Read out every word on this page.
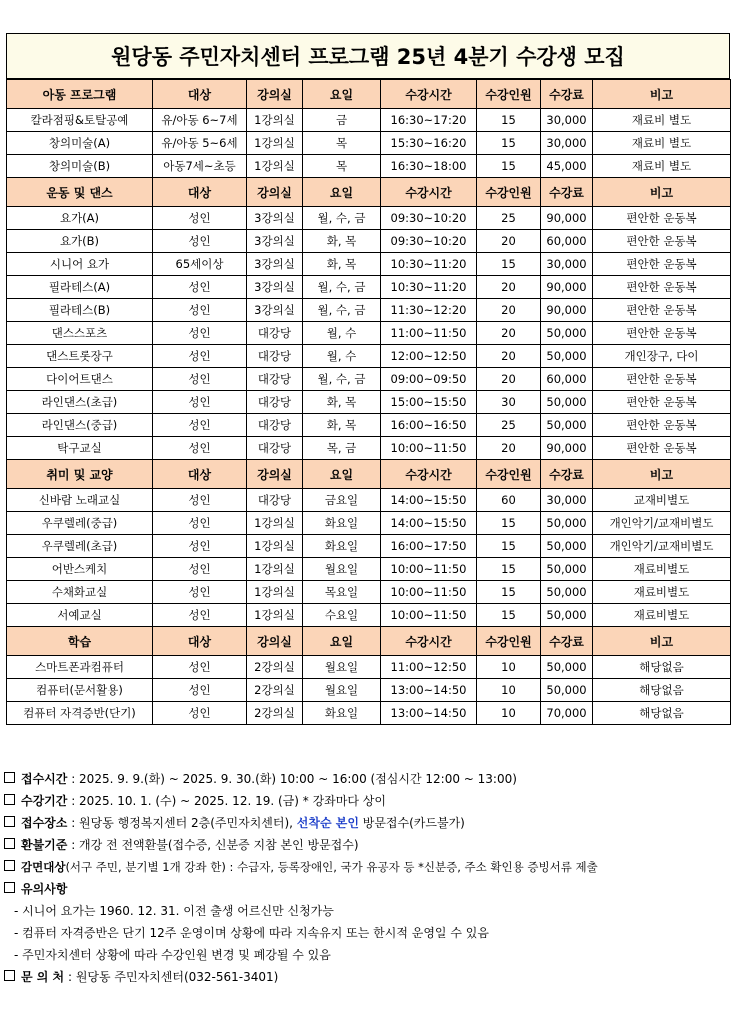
원당동 주민자치센터 프로그램 25년 4분기 수강생 모집
아동 프로그램	대상	강의실	요일	수강시간	수강인원	수강료	비고
칼라점핑&토탈공예	유/아동 6~7세	1강의실	금	16:30~17:20	15	30,000	재료비 별도
창의미술(A)	유/아동 5~6세	1강의실	목	15:30~16:20	15	30,000	재료비 별도
창의미술(B)	아동7세~초등	1강의실	목	16:30~18:00	15	45,000	재료비 별도
운동 및 댄스	대상	강의실	요일	수강시간	수강인원	수강료	비고
요가(A)	성인	3강의실	월, 수, 금	09:30~10:20	25	90,000	편안한 운동복
요가(B)	성인	3강의실	화, 목	09:30~10:20	20	60,000	편안한 운동복
시니어 요가	65세이상	3강의실	화, 목	10:30~11:20	15	30,000	편안한 운동복
필라테스(A)	성인	3강의실	월, 수, 금	10:30~11:20	20	90,000	편안한 운동복
필라테스(B)	성인	3강의실	월, 수, 금	11:30~12:20	20	90,000	편안한 운동복
댄스스포츠	성인	대강당	월, 수	11:00~11:50	20	50,000	편안한 운동복
댄스트롯장구	성인	대강당	월, 수	12:00~12:50	20	50,000	개인장구, 다이
다이어트댄스	성인	대강당	월, 수, 금	09:00~09:50	20	60,000	편안한 운동복
라인댄스(초급)	성인	대강당	화, 목	15:00~15:50	30	50,000	편안한 운동복
라인댄스(중급)	성인	대강당	화, 목	16:00~16:50	25	50,000	편안한 운동복
탁구교실	성인	대강당	목, 금	10:00~11:50	20	90,000	편안한 운동복
취미 및 교양	대상	강의실	요일	수강시간	수강인원	수강료	비고
신바람 노래교실	성인	대강당	금요일	14:00~15:50	60	30,000	교재비별도
우쿠렐레(중급)	성인	1강의실	화요일	14:00~15:50	15	50,000	개인악기/교재비별도
우쿠렐레(초급)	성인	1강의실	화요일	16:00~17:50	15	50,000	개인악기/교재비별도
어반스케치	성인	1강의실	월요일	10:00~11:50	15	50,000	재료비별도
수채화교실	성인	1강의실	목요일	10:00~11:50	15	50,000	재료비별도
서예교실	성인	1강의실	수요일	10:00~11:50	15	50,000	재료비별도
학습	대상	강의실	요일	수강시간	수강인원	수강료	비고
스마트폰과컴퓨터	성인	2강의실	월요일	11:00~12:50	10	50,000	해당없음
컴퓨터(문서활용)	성인	2강의실	월요일	13:00~14:50	10	50,000	해당없음
컴퓨터 자격증반(단기)	성인	2강의실	화요일	13:00~14:50	10	70,000	해당없음
접수시간 : 2025. 9. 9.(화) ~ 2025. 9. 30.(화) 10:00 ~ 16:00 (점심시간 12:00 ~ 13:00)
수강기간 : 2025. 10. 1. (수) ~ 2025. 12. 19. (금) * 강좌마다 상이
접수장소 : 원당동 행정복지센터 2층(주민자치센터), 선착순 본인 방문접수(카드불가)
환불기준 : 개강 전 전액환불(접수증, 신분증 지참 본인 방문접수)
감면대상(서구 주민, 분기별 1개 강좌 한) : 수급자, 등록장애인, 국가 유공자 등 *신분증, 주소 확인용 증빙서류 제출
유의사항
- 시니어 요가는 1960. 12. 31. 이전 출생 어르신만 신청가능
- 컴퓨터 자격증반은 단기 12주 운영이며 상황에 따라 지속유지 또는 한시적 운영일 수 있음
- 주민자치센터 상황에 따라 수강인원 변경 및 폐강될 수 있음
문 의 처 : 원당동 주민자치센터(032-561-3401)
